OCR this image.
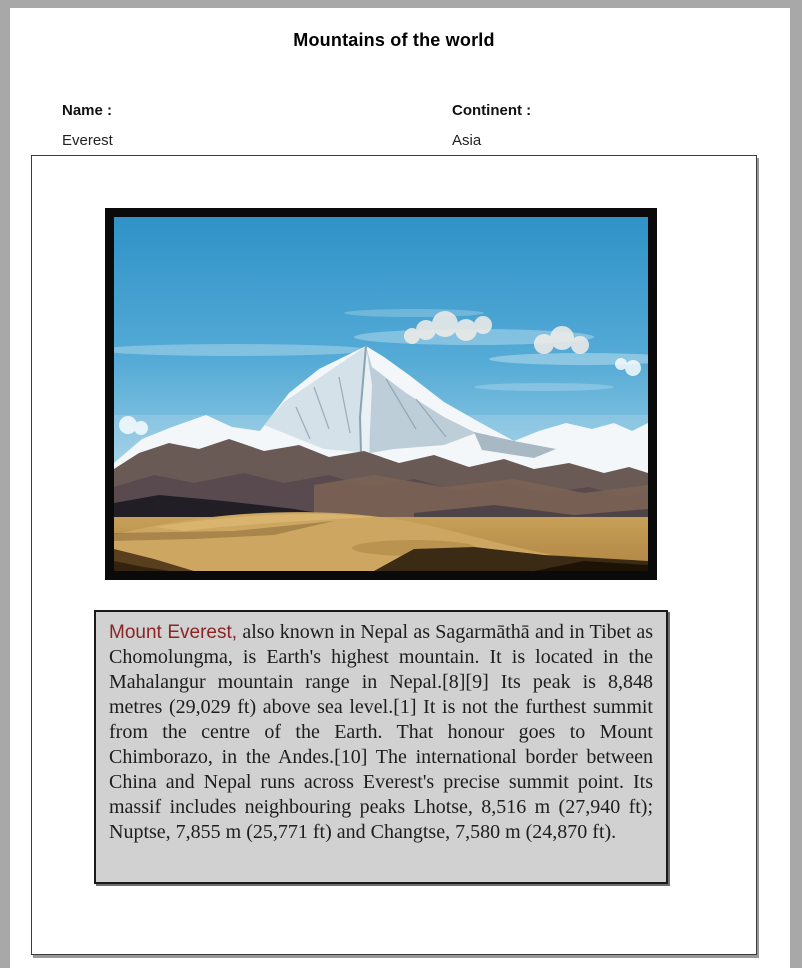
Mountains of the world
Name :
Everest
Continent :
Asia

Mount Everest, also known in Nepal as Sagarmāthā and in Tibet as Chomolungma, is Earth's highest mountain. It is located in the Mahalangur mountain range in Nepal.[8][9] Its peak is 8,848 metres (29,029 ft) above sea level.[1] It is not the furthest summit from the centre of the Earth. That honour goes to Mount Chimborazo, in the Andes.[10] The international border between China and Nepal runs across Everest's precise summit point. Its massif includes neighbouring peaks Lhotse, 8,516 m (27,940 ft); Nuptse, 7,855 m (25,771 ft) and Changtse, 7,580 m (24,870 ft).
